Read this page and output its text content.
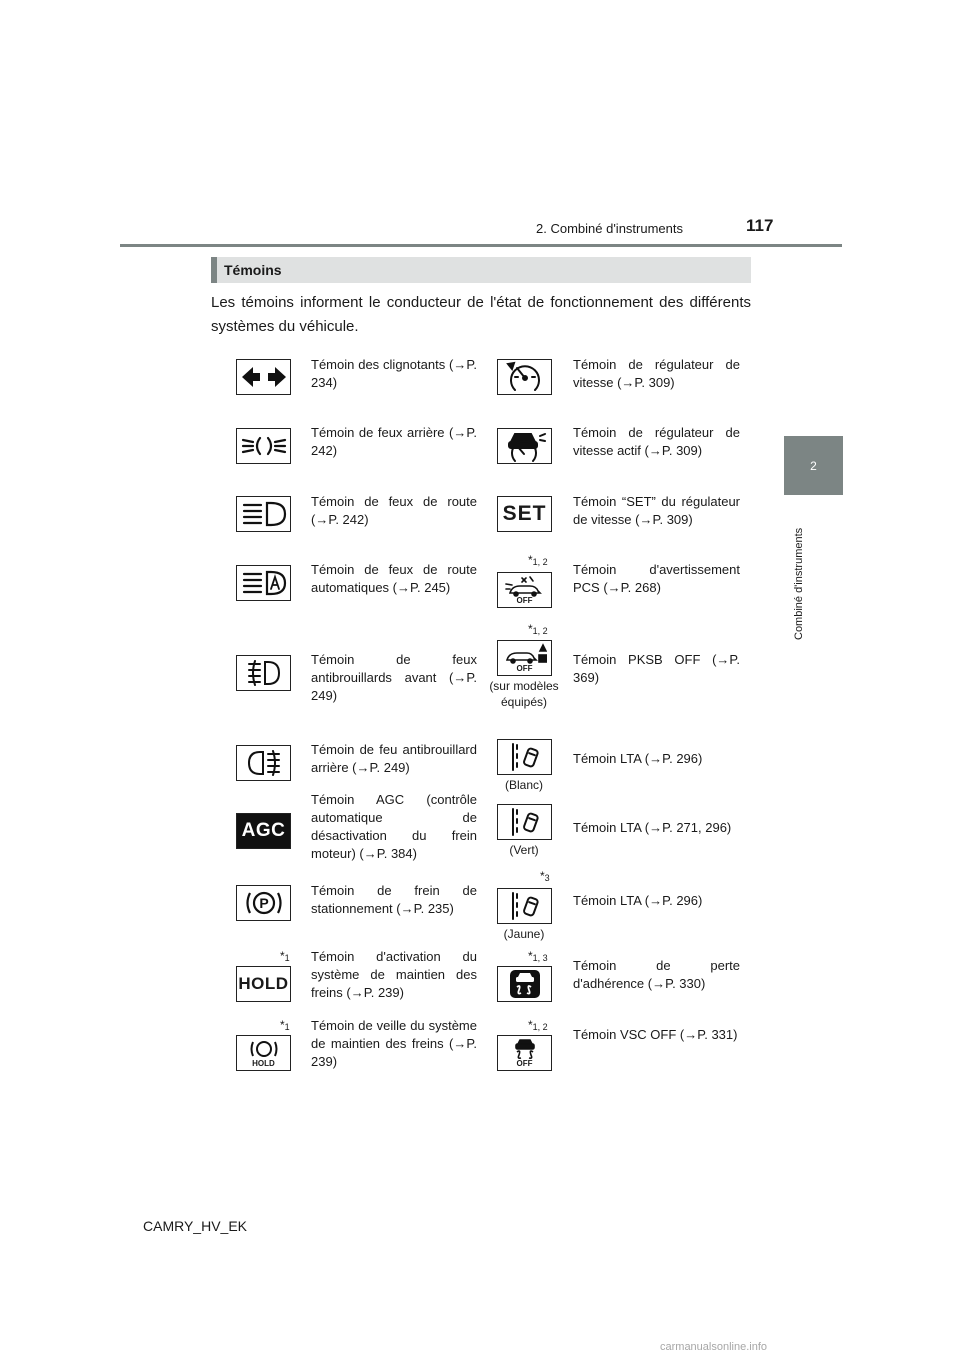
2. Combiné d'instruments	117
2
Combiné d'instruments
Témoins
Les témoins informent le conducteur de l'état de fonctionnement des différents systèmes du véhicule.
Témoin des clignotants (→P. 234)
Témoin de feux arrière (→P. 242)
Témoin de feux de route (→P. 242)
Témoin de feux de route automatiques (→P. 245)
Témoin de feux antibrouillards avant (→P. 249)
Témoin de feu antibrouillard arrière (→P. 249)
AGC
Témoin AGC (contrôle automatique de désactivation du frein moteur) (→P. 384)
P
Témoin de frein de stationnement (→P. 235)
$*_1$
HOLD
Témoin d'activation du système de maintien des freins (→P. 239)
$*_1$
HOLD
Témoin de veille du système de maintien des freins (→P. 239)
Témoin de régulateur de vitesse (→P. 309)
Témoin de régulateur de vitesse actif (→P. 309)
SET
Témoin “SET” du régulateur de vitesse (→P. 309)
$*_{1, 2}$
OFF
Témoin d'avertissement PCS (→P. 268)
$*_{1, 2}$
OFF
(sur modèles équipés)
Témoin PKSB OFF (→P. 369)
(Blanc)
Témoin LTA (→P. 296)
(Vert)
Témoin LTA (→P. 271, 296)
$*_3$
(Jaune)
Témoin LTA (→P. 296)
$*_{1, 3}$ Témoin de perte d'adhérence (→P. 330)
$*_{1, 2}$
OFF
Témoin VSC OFF (→P. 331)
CAMRY_HV_EK
carmanualsonline.info
